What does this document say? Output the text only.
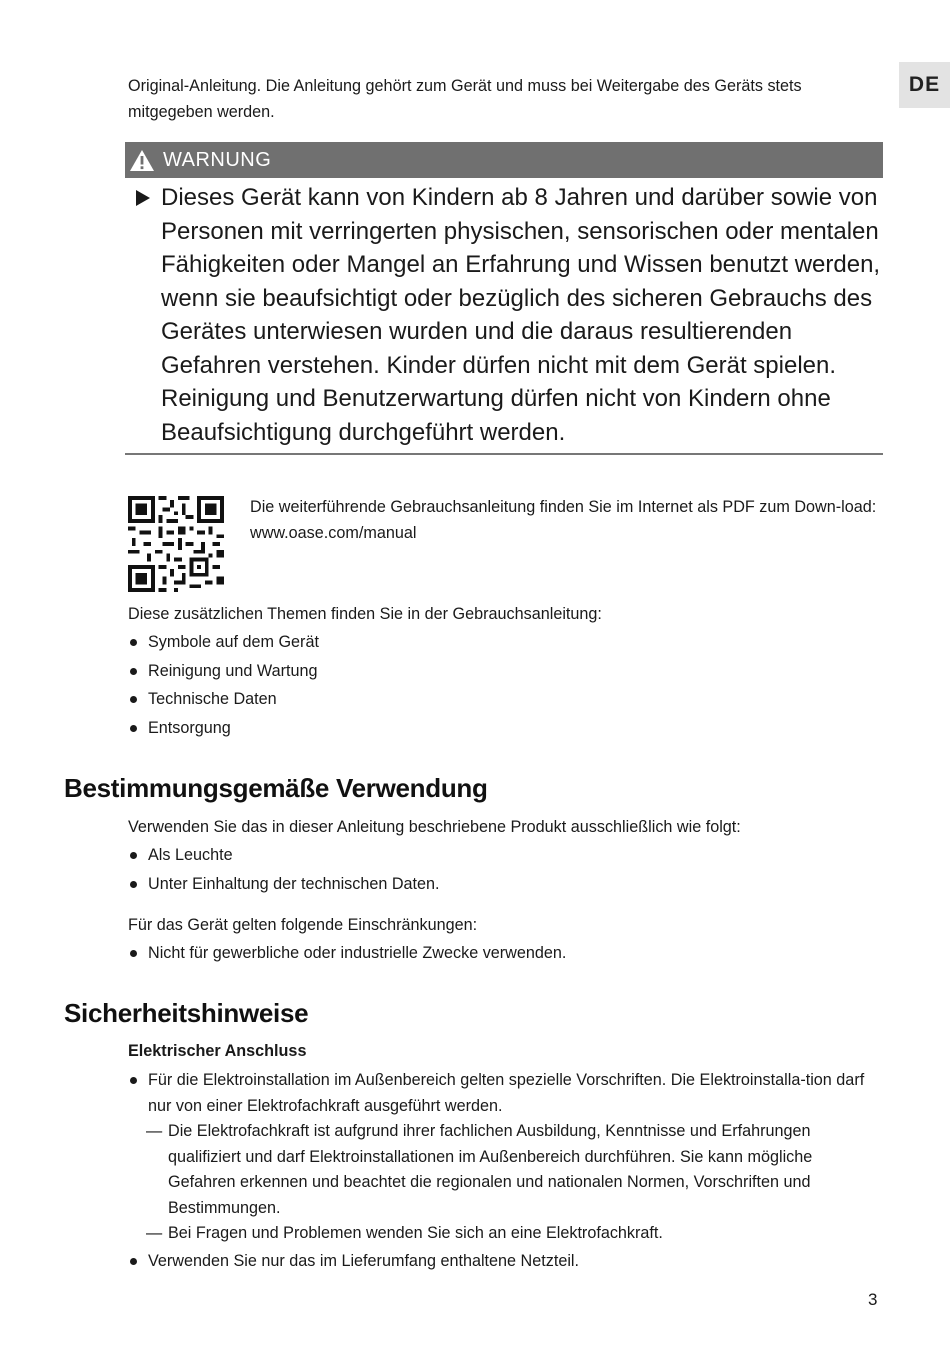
DE
Original-Anleitung. Die Anleitung gehört zum Gerät und muss bei Weitergabe des Geräts stets mitgegeben werden.
WARNUNG
Dieses Gerät kann von Kindern ab 8 Jahren und darüber sowie von Personen mit verringerten physischen, sensorischen oder mentalen Fähigkeiten oder Mangel an Erfahrung und Wissen benutzt werden, wenn sie beaufsichtigt oder bezüglich des sicheren Gebrauchs des Gerätes unterwiesen wurden und die daraus resultierenden Gefahren verstehen. Kinder dürfen nicht mit dem Gerät spielen. Reinigung und Benutzerwartung dürfen nicht von Kindern ohne Beaufsichtigung durchgeführt werden.
Die weiterführende Gebrauchsanleitung finden Sie im Internet als PDF zum Down-load:
www.oase.com/manual
Diese zusätzlichen Themen finden Sie in der Gebrauchsanleitung:
Symbole auf dem Gerät
Reinigung und Wartung
Technische Daten
Entsorgung
Bestimmungsgemäße Verwendung
Verwenden Sie das in dieser Anleitung beschriebene Produkt ausschließlich wie folgt:
Als Leuchte
Unter Einhaltung der technischen Daten.
Für das Gerät gelten folgende Einschränkungen:
Nicht für gewerbliche oder industrielle Zwecke verwenden.
Sicherheitshinweise
Elektrischer Anschluss
Für die Elektroinstallation im Außenbereich gelten spezielle Vorschriften. Die Elektroinstalla-tion darf nur von einer Elektrofachkraft ausgeführt werden.
— Die Elektrofachkraft ist aufgrund ihrer fachlichen Ausbildung, Kenntnisse und Erfahrungen qualifiziert und darf Elektroinstallationen im Außenbereich durchführen. Sie kann mögliche Gefahren erkennen und beachtet die regionalen und nationalen Normen, Vorschriften und Bestimmungen.
— Bei Fragen und Problemen wenden Sie sich an eine Elektrofachkraft.
Verwenden Sie nur das im Lieferumfang enthaltene Netzteil.
3
